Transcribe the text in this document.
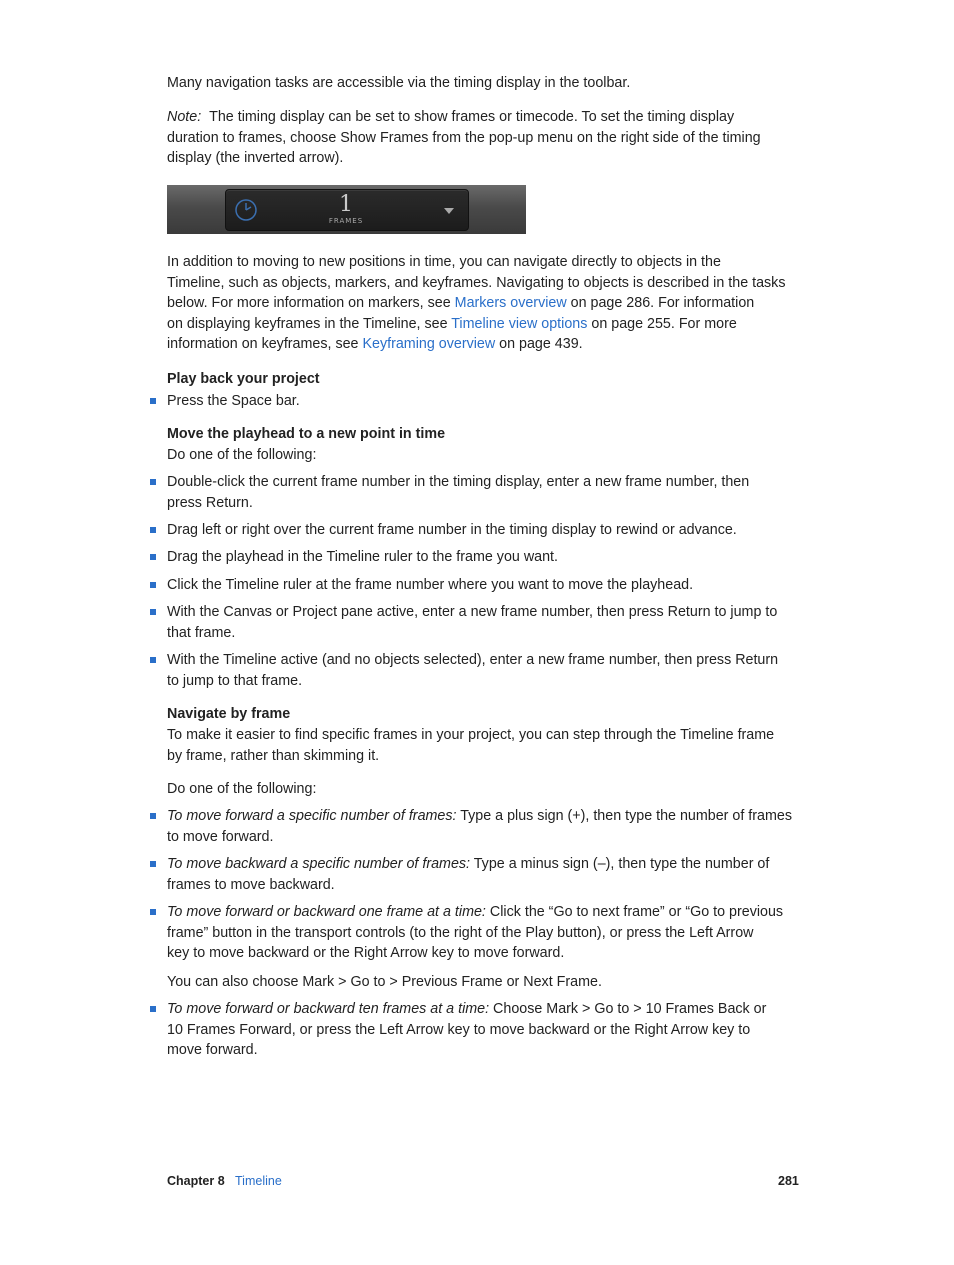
Many navigation tasks are accessible via the timing display in the toolbar.

Note: The timing display can be set to show frames or timecode. To set the timing display
duration to frames, choose Show Frames from the pop-up menu on the right side of the timing
display (the inverted arrow).

1
FRAMES

In addition to moving to new positions in time, you can navigate directly to objects in the
Timeline, such as objects, markers, and keyframes. Navigating to objects is described in the tasks
below. For more information on markers, see Markers overview on page 286. For information
on displaying keyframes in the Timeline, see Timeline view options on page 255. For more
information on keyframes, see Keyframing overview on page 439.

Play back your project

Press the Space bar.

Move the playhead to a new point in time

Do one of the following:

Double-click the current frame number in the timing display, enter a new frame number, then
press Return.

Drag left or right over the current frame number in the timing display to rewind or advance.

Drag the playhead in the Timeline ruler to the frame you want.

Click the Timeline ruler at the frame number where you want to move the playhead.

With the Canvas or Project pane active, enter a new frame number, then press Return to jump to
that frame.

With the Timeline active (and no objects selected), enter a new frame number, then press Return
to jump to that frame.

Navigate by frame

To make it easier to find specific frames in your project, you can step through the Timeline frame
by frame, rather than skimming it.

Do one of the following:

To move forward a specific number of frames: Type a plus sign (+), then type the number of frames
to move forward.

To move backward a specific number of frames: Type a minus sign (–), then type the number of
frames to move backward.

To move forward or backward one frame at a time: Click the “Go to next frame” or “Go to previous
frame” button in the transport controls (to the right of the Play button), or press the Left Arrow
key to move backward or the Right Arrow key to move forward.

You can also choose Mark > Go to > Previous Frame or Next Frame.

To move forward or backward ten frames at a time: Choose Mark > Go to > 10 Frames Back or
10 Frames Forward, or press the Left Arrow key to move backward or the Right Arrow key to
move forward.

Chapter 8 Timeline	281
